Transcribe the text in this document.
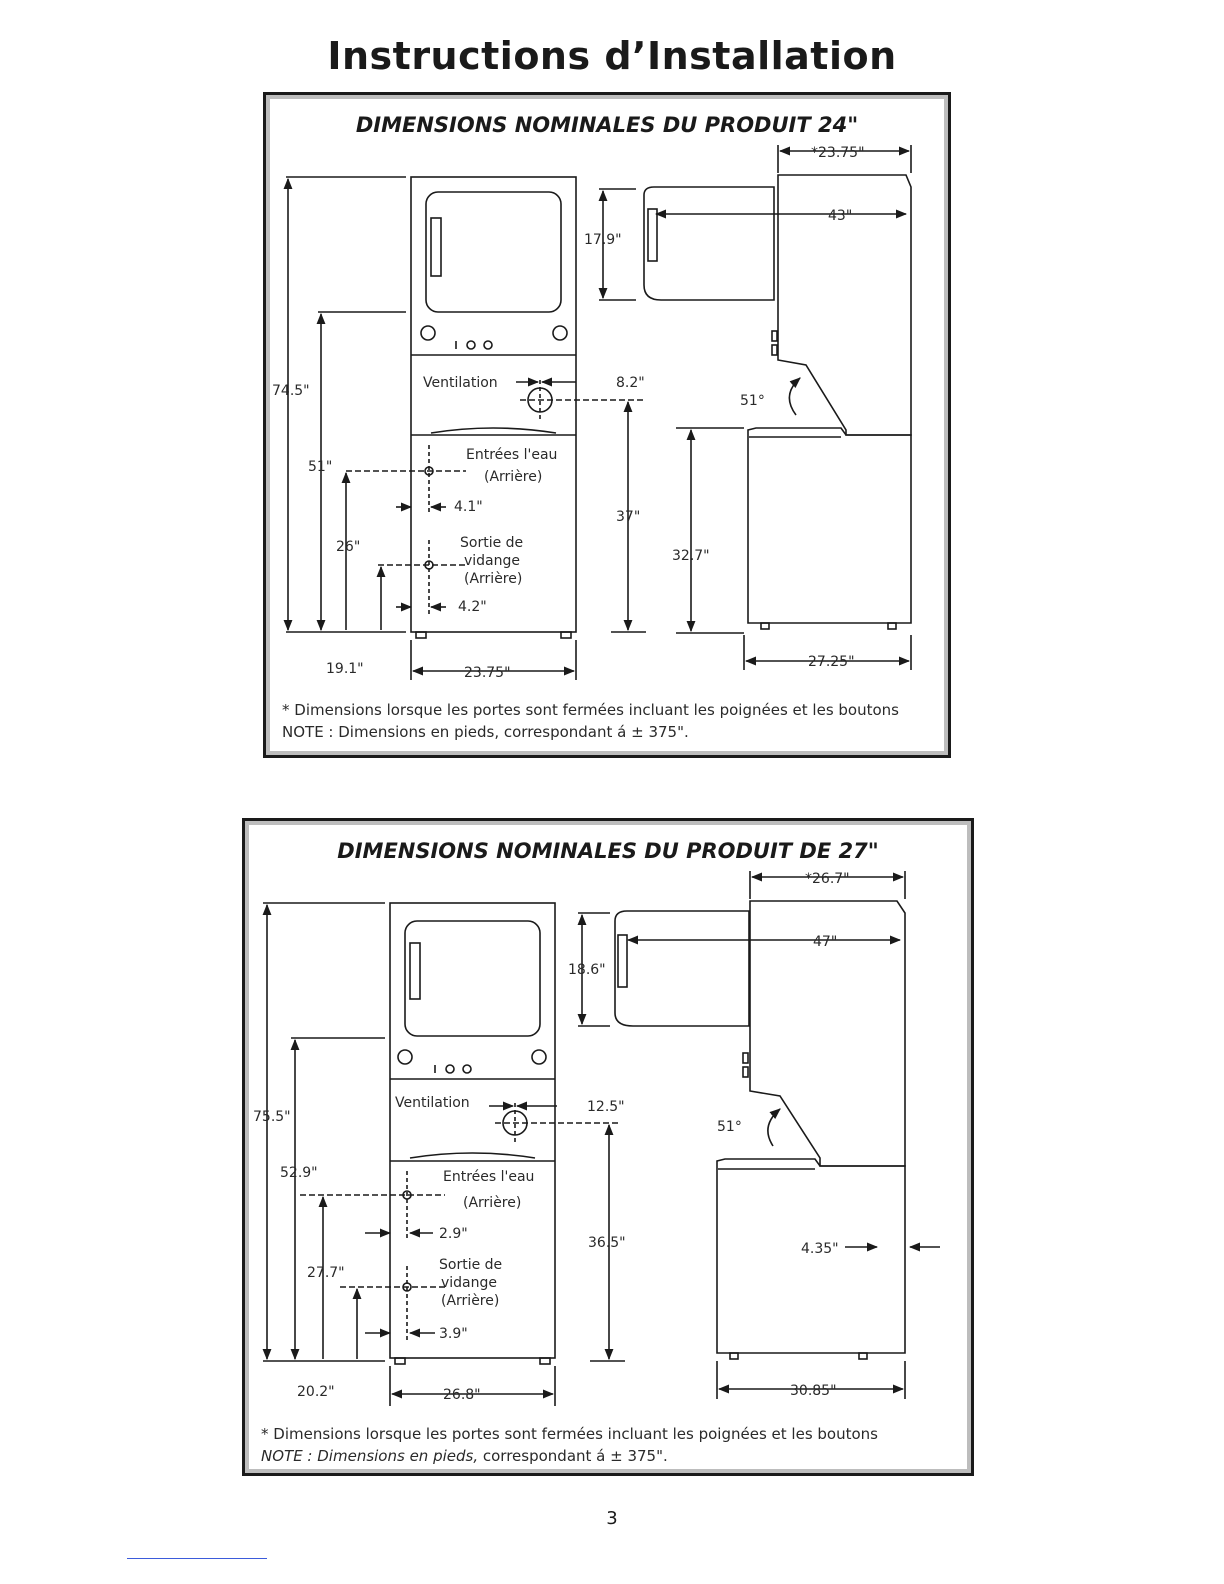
Instructions d’Installation
DIMENSIONS NOMINALES DU PRODUIT 24"
*23.75"
43"
17.9"
74.5"	Ventilation	8.2"
51°
51"
Entrées l'eau
(Arrière)
4.1"
37"
26"	Sortie de
vidange
(Arrière)
32.7"
4.2"
19.1"	23.75"
27.25"

* Dimensions lorsque les portes sont fermées incluant les poignées et les boutons

NOTE : Dimensions en pieds, correspondant á ± 375".

DIMENSIONS NOMINALES DU PRODUIT DE 27"
*26.7"
47"
18.6"
75.5"
Ventilation	12.5"
51°
52.9"	Entrées l'eau
(Arrière)
2.9"
36.5"	4.35"
27.7"	Sortie de
vidange
(Arrière)
3.9"
20.2"	26.8"	30.85"

* Dimensions lorsque les portes sont fermées incluant les poignées et les boutons

NOTE : Dimensions en pieds, correspondant á ± 375".

3
